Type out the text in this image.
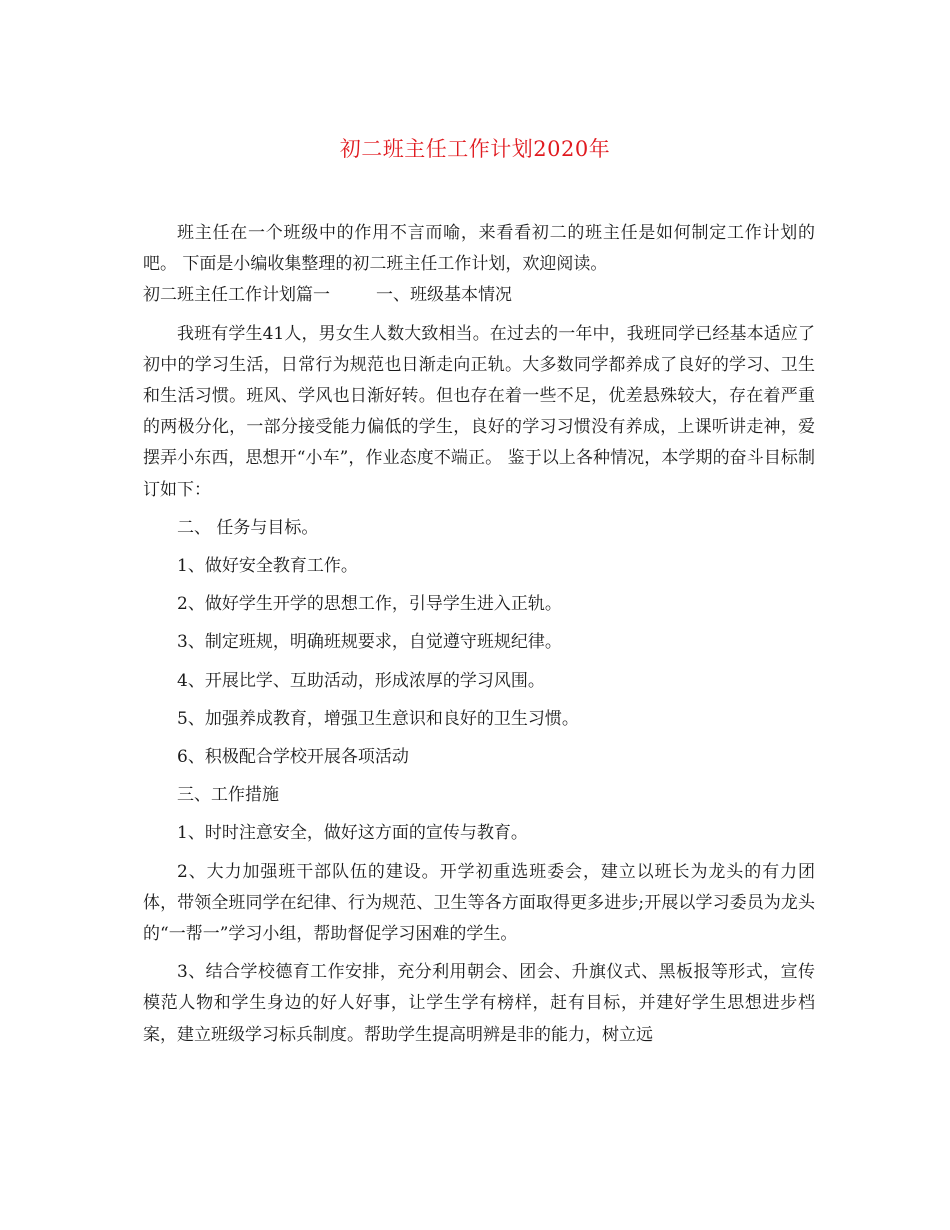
初二班主任工作计划2020年

班主任在一个班级中的作用不言而喻，来看看初二的班主任是如何制定工作计划的吧。 下面是小编收集整理的初二班主任工作计划，欢迎阅读。

初二班主任工作计划篇一	一、班级基本情况

我班有学生41人，男女生人数大致相当。在过去的一年中，我班同学已经基本适应了初中的学习生活，日常行为规范也日渐走向正轨。大多数同学都养成了良好的学习、卫生和生活习惯。班风、学风也日渐好转。但也存在着一些不足，优差悬殊较大，存在着严重的两极分化，一部分接受能力偏低的学生，良好的学习习惯没有养成，上课听讲走神，爱摆弄小东西，思想开“小车”，作业态度不端正。 鉴于以上各种情况，本学期的奋斗目标制订如下：

二、 任务与目标。

1、做好安全教育工作。

2、做好学生开学的思想工作，引导学生进入正轨。

3、制定班规，明确班规要求，自觉遵守班规纪律。

4、开展比学、互助活动，形成浓厚的学习风围。

5、加强养成教育，增强卫生意识和良好的卫生习惯。

6、积极配合学校开展各项活动

三、工作措施

1、时时注意安全，做好这方面的宣传与教育。

2、大力加强班干部队伍的建设。开学初重选班委会，建立以班长为龙头的有力团体，带领全班同学在纪律、行为规范、卫生等各方面取得更多进步;开展以学习委员为龙头的“一帮一”学习小组，帮助督促学习困难的学生。

3、结合学校德育工作安排，充分利用朝会、团会、升旗仪式、黑板报等形式，宣传模范人物和学生身边的好人好事，让学生学有榜样，赶有目标，并建好学生思想进步档案，建立班级学习标兵制度。帮助学生提高明辨是非的能力，树立远
